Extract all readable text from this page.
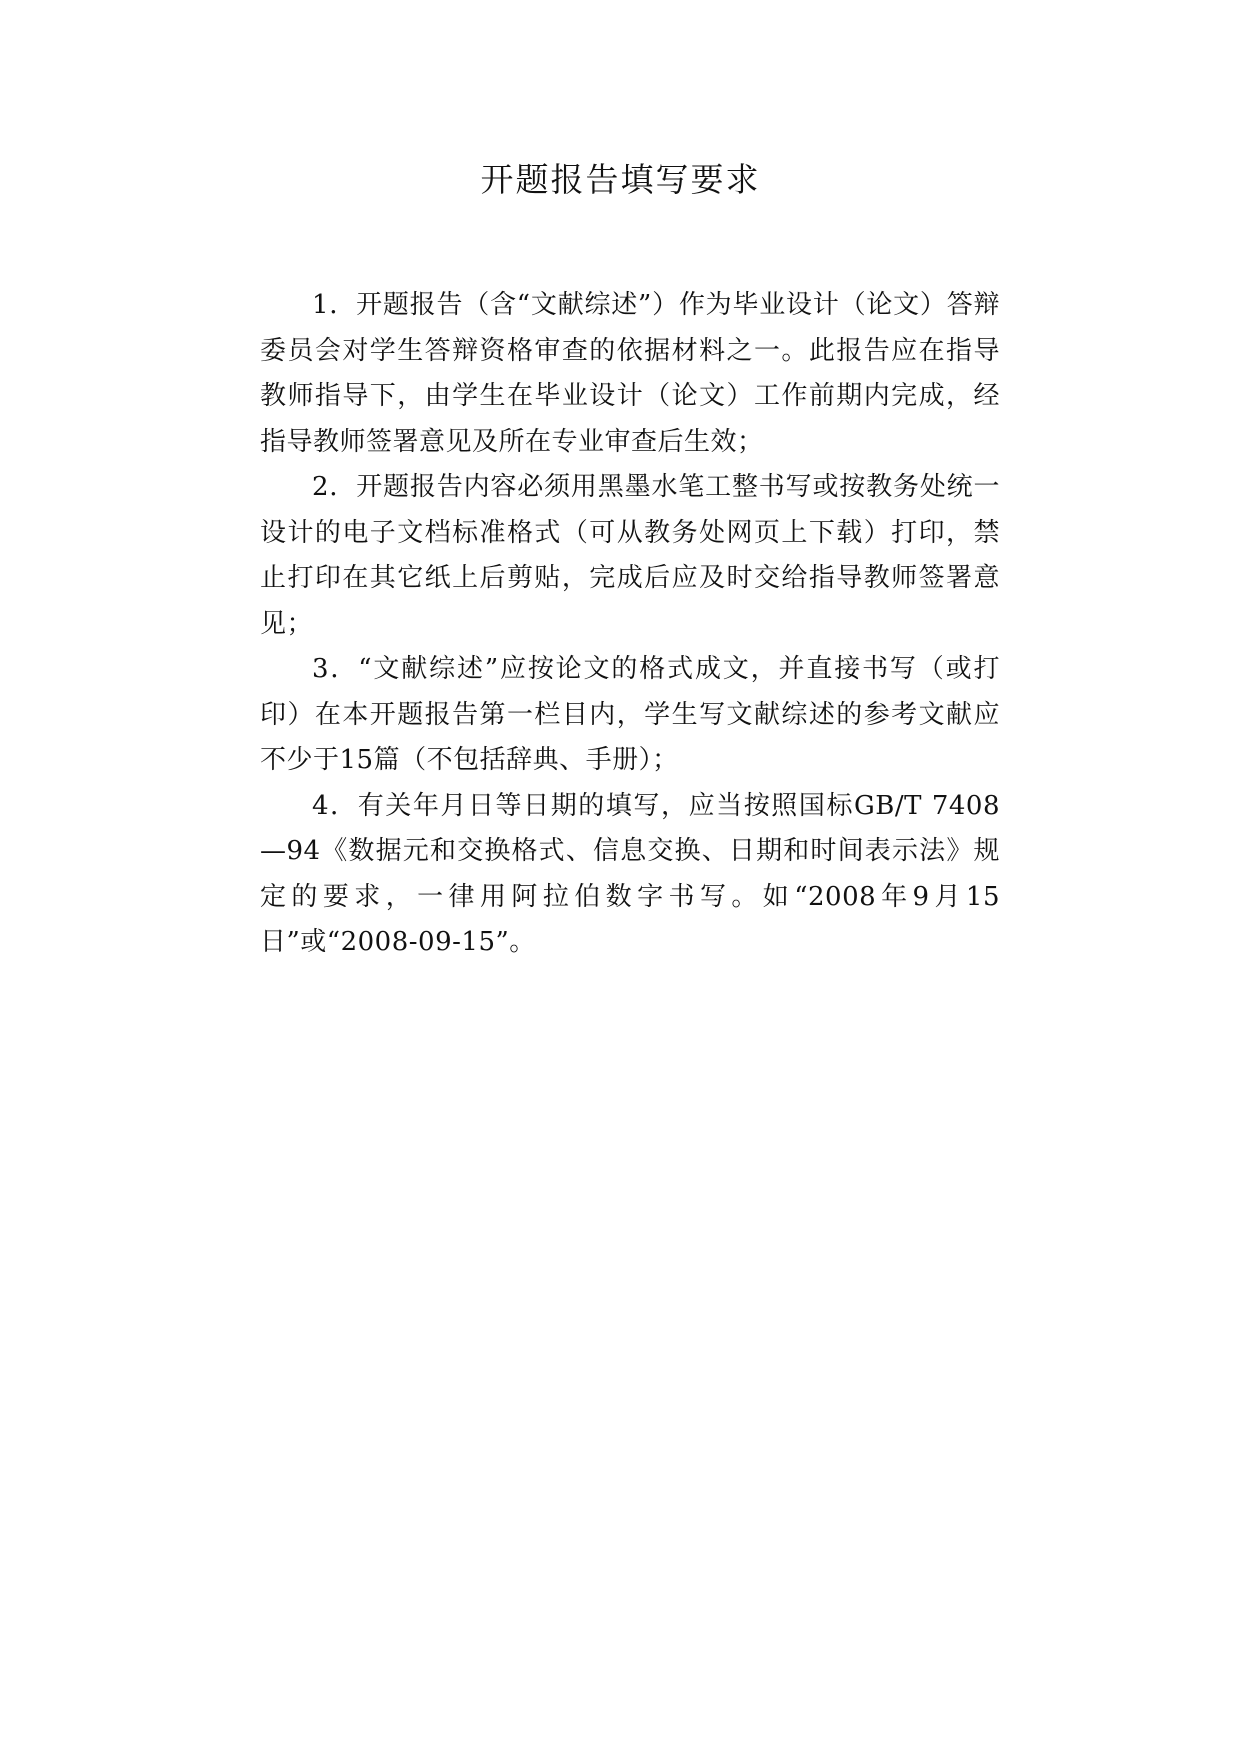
开题报告填写要求

1．开题报告（含“文献综述”）作为毕业设计（论文）答辩委员会对学生答辩资格审查的依据材料之一。此报告应在指导教师指导下，由学生在毕业设计（论文）工作前期内完成，经指导教师签署意见及所在专业审查后生效；

2．开题报告内容必须用黑墨水笔工整书写或按教务处统一设计的电子文档标准格式（可从教务处网页上下载）打印，禁止打印在其它纸上后剪贴，完成后应及时交给指导教师签署意见；

3．“文献综述”应按论文的格式成文，并直接书写（或打印）在本开题报告第一栏目内，学生写文献综述的参考文献应不少于15篇（不包括辞典、手册）；

4．有关年月日等日期的填写，应当按照国标GB/T 7408—94《数据元和交换格式、信息交换、日期和时间表示法》规定的要求，一律用阿拉伯数字书写。如“2008年9月15日”或“2008-09-15”。
